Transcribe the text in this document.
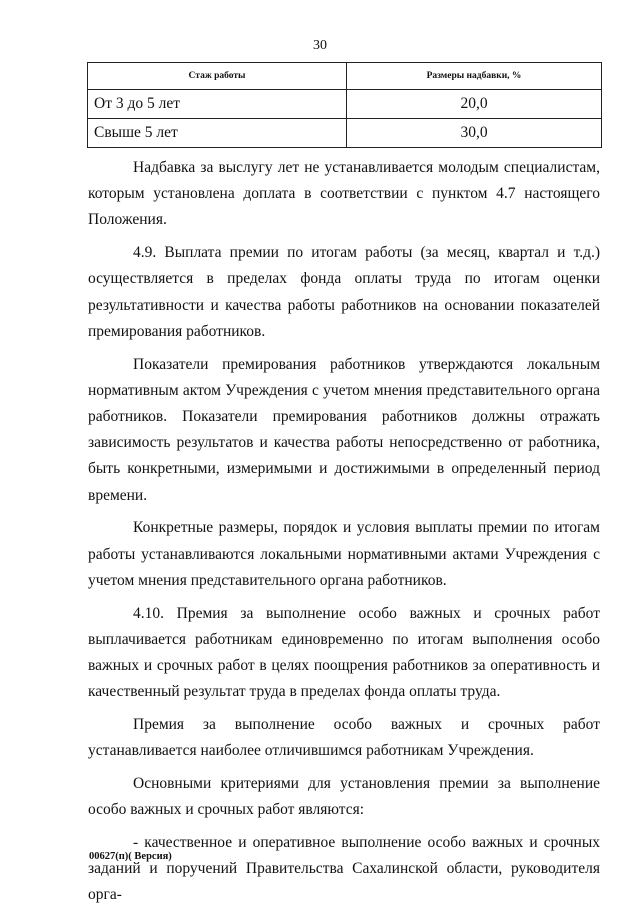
30
Стаж работы	Размеры надбавки, %
От 3 до 5 лет	20,0
Свыше 5 лет	30,0

Надбавка за выслугу лет не устанавливается молодым специалистам, которым установлена доплата в соответствии с пунктом 4.7 настоящего Положения.

4.9. Выплата премии по итогам работы (за месяц, квартал и т.д.) осуществляется в пределах фонда оплаты труда по итогам оценки результативности и качества работы работников на основании показателей премирования работников.

Показатели премирования работников утверждаются локальным нормативным актом Учреждения с учетом мнения представительного органа работников. Показатели премирования работников должны отражать зависимость результатов и качества работы непосредственно от работника, быть конкретными, измеримыми и достижимыми в определенный период времени.

Конкретные размеры, порядок и условия выплаты премии по итогам работы устанавливаются локальными нормативными актами Учреждения с учетом мнения представительного органа работников.

4.10. Премия за выполнение особо важных и срочных работ выплачивается работникам единовременно по итогам выполнения особо важных и срочных работ в целях поощрения работников за оперативность и качественный результат труда в пределах фонда оплаты труда.

Премия за выполнение особо важных и срочных работ устанавливается наиболее отличившимся работникам Учреждения.

Основными критериями для установления премии за выполнение особо важных и срочных работ являются:

- качественное и оперативное выполнение особо важных и срочных заданий и поручений Правительства Сахалинской области, руководителя орга-

00627(п)( Версия)
